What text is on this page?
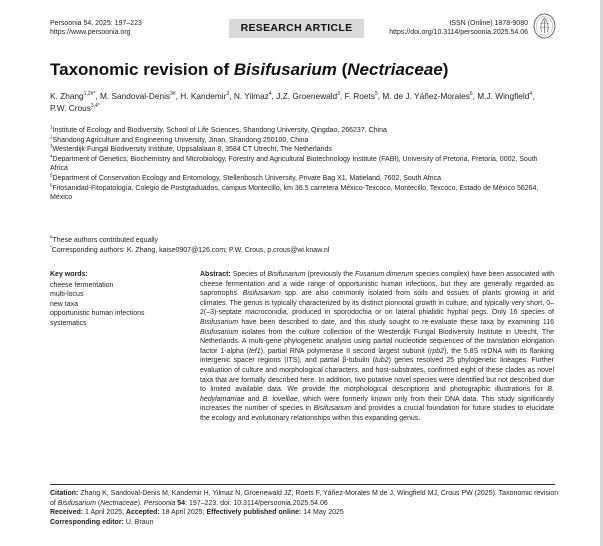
Persoonia 54, 2025: 197–223
https://www.persoonia.org	RESEARCH ARTICLE	ISSN (Online) 1878-9080
https://doi.org/10.3114/persoonia.2025.54.06
Taxonomic revision of Bisifusarium (Nectriaceae)
K. Zhang$^{1,2\#*}$, M. Sandoval-Denis$^{3\#}$, H. Kandemir$^3$, N. Yilmaz$^4$, J.Z. Groenewald$^3$, F. Roets$^5$, M. de J. Yáñez-Morales$^6$, M.J. Wingfield$^4$, P.W. Crous$^{3,4*}$
$^1$Institute of Ecology and Biodiversity, School of Life Sciences, Shandong University, Qingdao, 266237, China
$^2$Shandong Agriculture and Engineering University, Jinan, Shandong 250100, China
$^3$Westerdijk Fungal Biodiversity Institute, Uppsalalaan 8, 3584 CT Utrecht, The Netherlands
$^4$Department of Genetics, Biochemistry and Microbiology, Forestry and Agricultural Biotechnology Institute (FABI), University of Pretoria, Pretoria, 0002, South Africa
$^5$Department of Conservation Ecology and Entomology, Stellenbosch University, Private Bag X1, Matieland, 7602, South Africa
$^6$Fitosanidad-Fitopatología, Colegio de Postgraduados, campus Montecillo, km 36.5 carretera México-Texcoco, Montecillo, Texcoco, Estado de México 56264, México
#These authors contributed equally
*Corresponding authors: K. Zhang, kaise0907@126.com; P.W. Crous, p.crous@wi.knaw.nl
Key words:
cheese fermentation
multi-locus
new taxa
opportunistic human infections
systematics
Abstract: Species of Bisifusarium (previously the Fusarium dimerum species complex) have been associated with cheese fermentation and a wide range of opportunistic human infections, but they are generally regarded as saprotrophs. Bisifusarium spp. are also commonly isolated from soils and tissues of plants growing in arid climates. The genus is typically characterized by its distinct pionnotal growth in culture, and typically very short, 0–2(–3)-septate macroconidia, produced in sporodochia or on lateral phialidic hyphal pegs. Only 16 species of Bisifusarium have been described to date, and this study sought to re-evaluate these taxa by examining 116 Bisifusarium isolates from the culture collection of the Westerdijk Fungal Biodiversity Institute in Utrecht, The Netherlands. A multi-gene phylogenetic analysis using partial nucleotide sequences of the translation elongation factor 1-alpha (tef1), partial RNA polymerase II second largest subunit (rpb2), the 5.8S nrDNA with its flanking intergenic spacer regions (ITS), and partial β-tubulin (tub2) genes resolved 25 phylogenetic lineages. Further evaluation of culture and morphological characters, and host-substrates, confirmed eight of these clades as novel taxa that are formally described here. In addition, two putative novel species were identified but not described due to limited available data. We provide the morphological descriptions and photographic illustrations for B. hedylamarriae and B. lovelliae, which were formerly known only from their DNA data. This study significantly increases the number of species in Bisifusarium and provides a crucial foundation for future studies to elucidate the ecology and evolutionary relationships within this expanding genus.
Citation: Zhang K, Sandoval-Denis M, Kandemir H, Yilmaz N, Groenewald JZ, Roets F, Yáñez-Morales M de J, Wingfield MJ, Crous PW (2025). Taxonomic revision of Bisifusarium (Nectriaceae). Persoonia 54: 197–223. doi: 10.3114/persoonia.2025.54.06
Received: 1 April 2025; Accepted: 18 April 2025; Effectively published online: 14 May 2025
Corresponding editor: U. Braun
